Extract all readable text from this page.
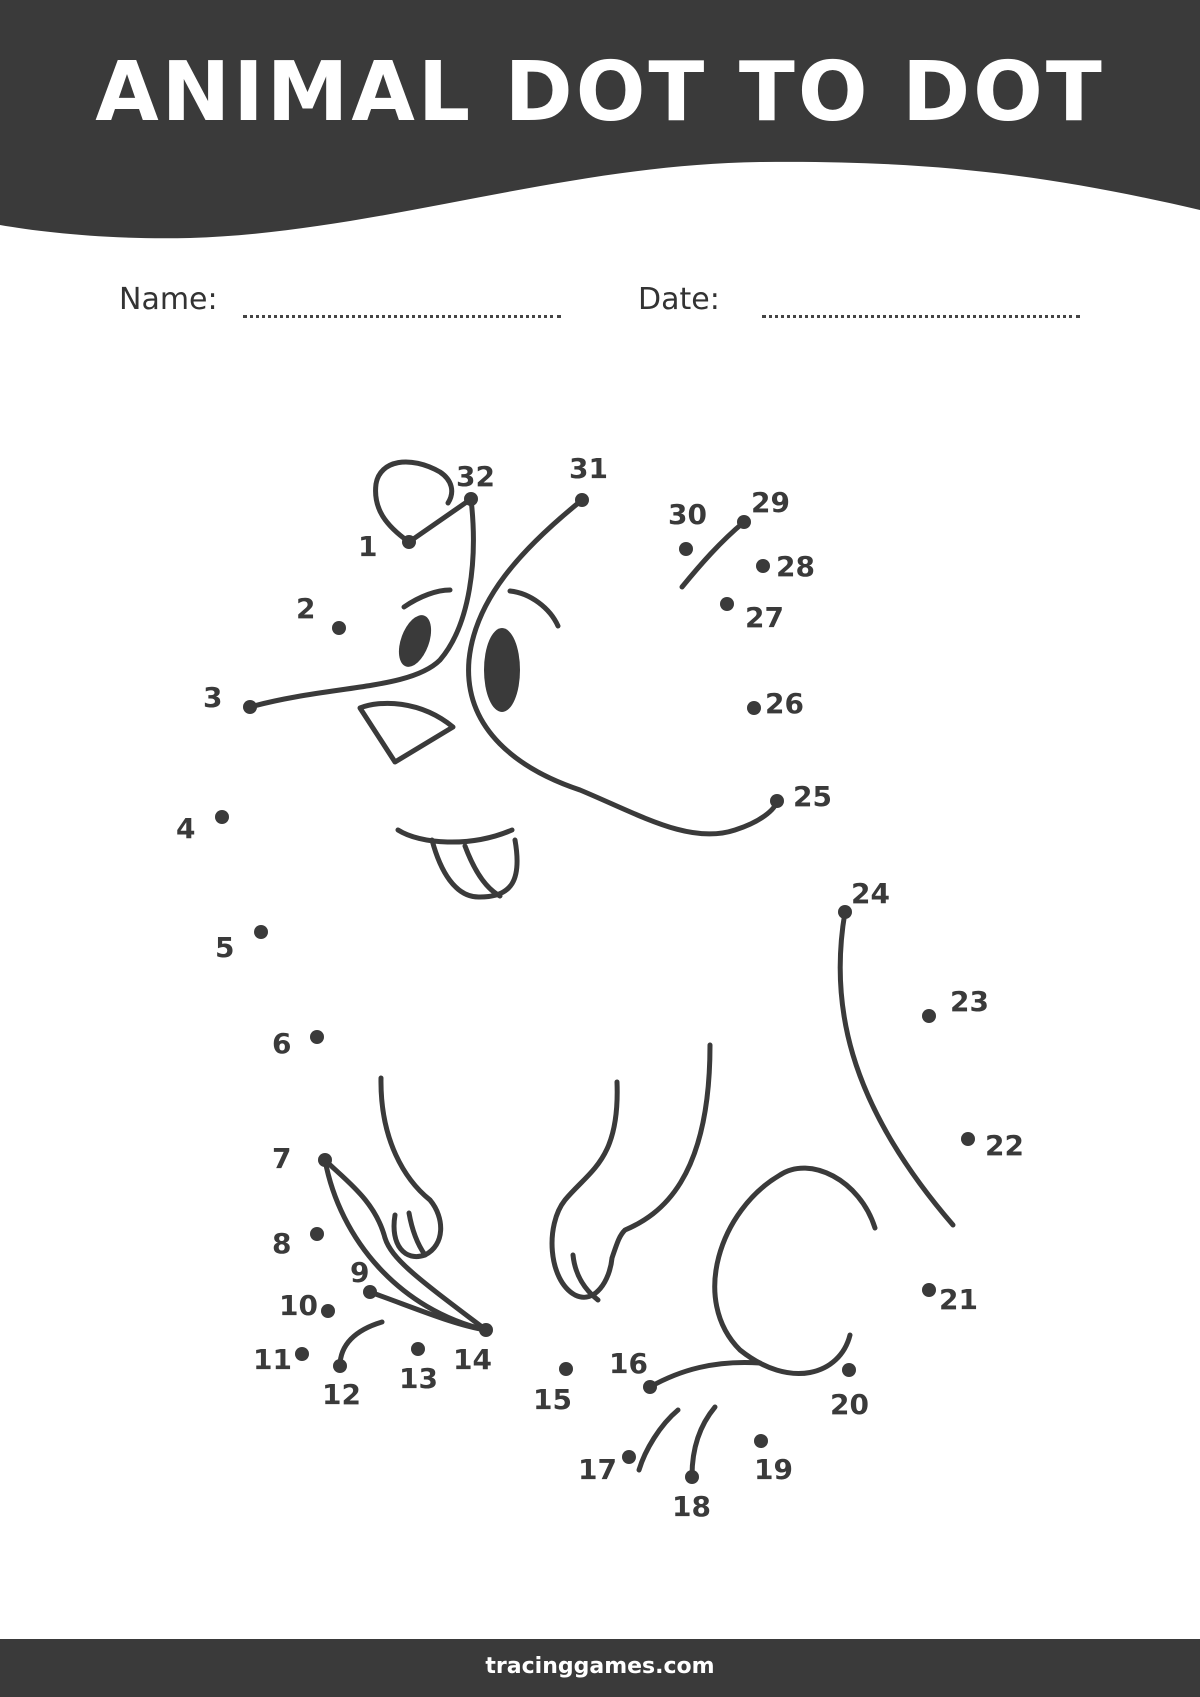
ANIMAL DOT TO DOT
Name:	Date:
1
2
3
4
5
6
7
8
9
10
11
12 13
14
15
16
17
18
19
20
21
22
23
24
25
26
27
28
29
30
31
32
tracinggames.com
